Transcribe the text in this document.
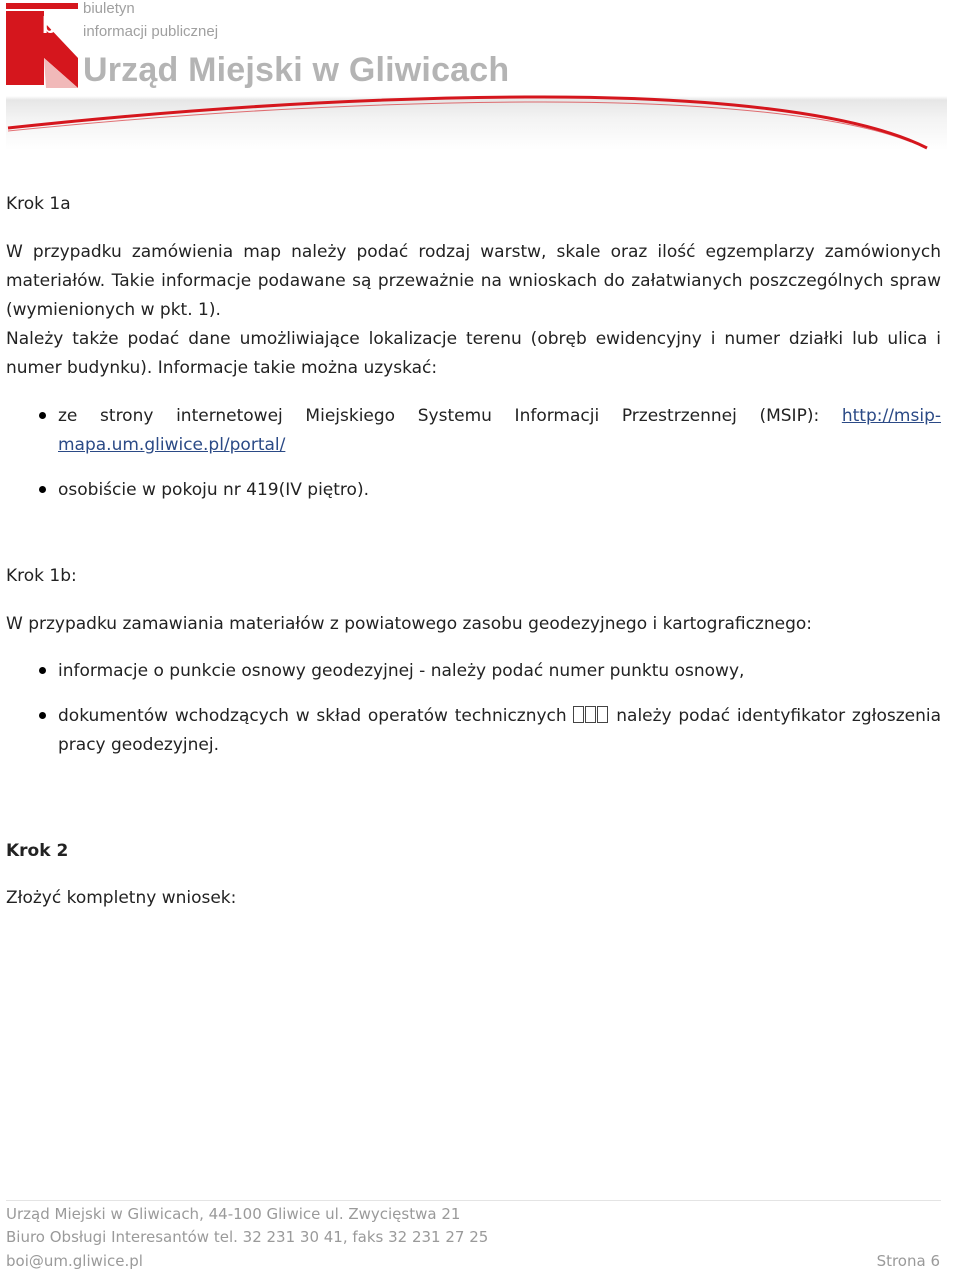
bip
biuletyn
informacji publicznej
Urząd Miejski w Gliwicach
Krok 1a

W przypadku zamówienia map należy podać rodzaj warstw, skale oraz ilość egzemplarzy zamówionych materiałów. Takie informacje podawane są przeważnie na wnioskach do załatwianych poszczególnych spraw (wymienionych w pkt. 1).

Należy także podać dane umożliwiające lokalizacje terenu (obręb ewidencyjny i numer działki lub ulica i numer budynku). Informacje takie można uzyskać:

ze strony internetowej Miejskiego Systemu Informacji Przestrzennej (MSIP): http://msip-mapa.um.gliwice.pl/portal/
osobiście w pokoju nr 419(IV piętro).
Krok 1b:

W przypadku zamawiania materiałów z powiatowego zasobu geodezyjnego i kartograficznego:

informacje o punkcie osnowy geodezyjnej - należy podać numer punktu osnowy,
dokumentów wchodzących w skład operatów technicznych  należy podać identyfikator zgłoszenia pracy geodezyjnej.
Krok 2

Złożyć kompletny wniosek:

Urząd Miejski w Gliwicach, 44-100 Gliwice ul. Zwycięstwa 21
Biuro Obsługi Interesantów tel. 32 231 30 41, faks 32 231 27 25
boi@um.gliwice.pl	Strona 6
